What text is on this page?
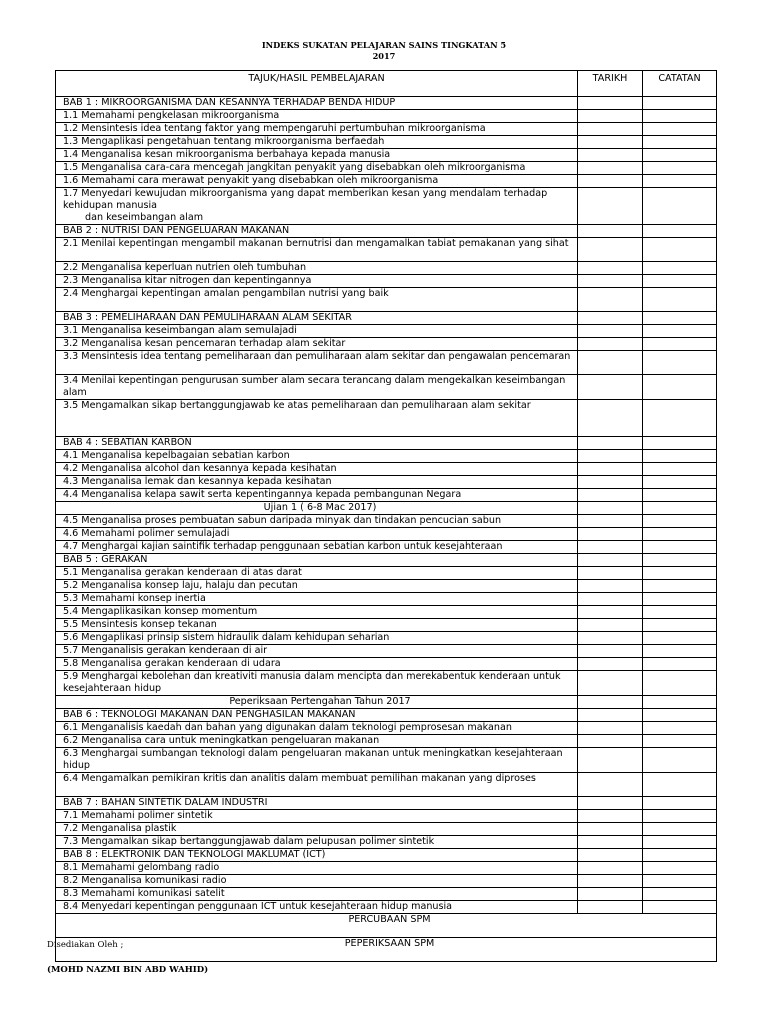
INDEKS SUKATAN PELAJARAN SAINS TINGKATAN 5
2017
TAJUK/HASIL PEMBELAJARAN	TARIKH	CATATAN
BAB 1 : MIKROORGANISMA DAN KESANNYA TERHADAP BENDA HIDUP		
1.1 Memahami pengkelasan mikroorganisma		
1.2 Mensintesis idea tentang faktor yang mempengaruhi pertumbuhan mikroorganisma		
1.3 Mengaplikasi pengetahuan tentang mikroorganisma berfaedah		
1.4 Menganalisa kesan mikroorganisma berbahaya kepada manusia		
1.5 Menganalisa cara-cara mencegah jangkitan penyakit yang disebabkan oleh mikroorganisma		
1.6 Memahami cara merawat penyakit yang disebabkan oleh mikroorganisma		
1.7 Menyedari kewujudan mikroorganisma yang dapat memberikan kesan yang mendalam terhadap kehidupan manusia
dan keseimbangan alam		

BAB 2 : NUTRISI DAN PENGELUARAN MAKANAN		
2.1 Menilai kepentingan mengambil makanan bernutrisi dan mengamalkan tabiat pemakanan yang sihat		
2.2 Menganalisa keperluan nutrien oleh tumbuhan		
2.3 Menganalisa kitar nitrogen dan kepentingannya		
2.4 Menghargai kepentingan amalan pengambilan nutrisi yang baik		
BAB 3 : PEMELIHARAAN DAN PEMULIHARAAN ALAM SEKITAR		
3.1 Menganalisa keseimbangan alam semulajadi		
3.2 Menganalisa kesan pencemaran terhadap alam sekitar		
3.3 Mensintesis idea tentang pemeliharaan dan pemuliharaan alam sekitar dan pengawalan pencemaran		
3.4 Menilai kepentingan pengurusan sumber alam secara terancang dalam mengekalkan keseimbangan alam		
3.5 Mengamalkan sikap bertanggungjawab ke atas pemeliharaan dan pemuliharaan alam sekitar		
BAB 4 : SEBATIAN KARBON		
4.1 Menganalisa kepelbagaian sebatian karbon		
4.2 Menganalisa alcohol dan kesannya kepada kesihatan		
4.3 Menganalisa lemak dan kesannya kepada kesihatan		
4.4 Menganalisa kelapa sawit serta kepentingannya kepada pembangunan Negara		
Ujian 1 ( 6-8 Mac 2017)		
4.5 Menganalisa proses pembuatan sabun daripada minyak dan tindakan pencucian sabun		
4.6 Memahami polimer semulajadi		
4.7 Menghargai kajian saintifik terhadap penggunaan sebatian karbon untuk kesejahteraan		
BAB 5 : GERAKAN		
5.1 Menganalisa gerakan kenderaan di atas darat		
5.2 Menganalisa konsep laju, halaju dan pecutan		
5.3 Memahami konsep inertia		
5.4 Mengaplikasikan konsep momentum		
5.5 Mensintesis konsep tekanan		
5.6 Mengaplikasi prinsip sistem hidraulik dalam kehidupan seharian		
5.7 Menganalisis gerakan kenderaan di air		
5.8 Menganalisa gerakan kenderaan di udara		
5.9 Menghargai kebolehan dan kreativiti manusia dalam mencipta dan merekabentuk kenderaan untuk kesejahteraan hidup		
Peperiksaan Pertengahan Tahun 2017		
BAB 6 : TEKNOLOGI MAKANAN DAN PENGHASILAN MAKANAN		
6.1 Menganalisis kaedah dan bahan yang digunakan dalam teknologi pemprosesan makanan		
6.2 Menganalisa cara untuk meningkatkan pengeluaran makanan		
6.3 Menghargai sumbangan teknologi dalam pengeluaran makanan untuk meningkatkan kesejahteraan hidup		
6.4 Mengamalkan pemikiran kritis dan analitis dalam membuat pemilihan makanan yang diproses		
BAB 7 : BAHAN SINTETIK DALAM INDUSTRI		
7.1 Memahami polimer sintetik		
7.2 Menganalisa plastik		
7.3 Mengamalkan sikap bertanggungjawab dalam pelupusan polimer sintetik		
BAB 8 : ELEKTRONIK DAN TEKNOLOGI MAKLUMAT (ICT)		
8.1 Memahami gelombang radio		
8.2 Menganalisa komunikasi radio		
8.3 Memahami komunikasi satelit		
8.4 Menyedari kepentingan penggunaan ICT untuk kesejahteraan hidup manusia		
PERCUBAAN SPM		
PEPERIKSAAN SPM		
Disediakan Oleh ;
(MOHD NAZMI BIN ABD WAHID)
